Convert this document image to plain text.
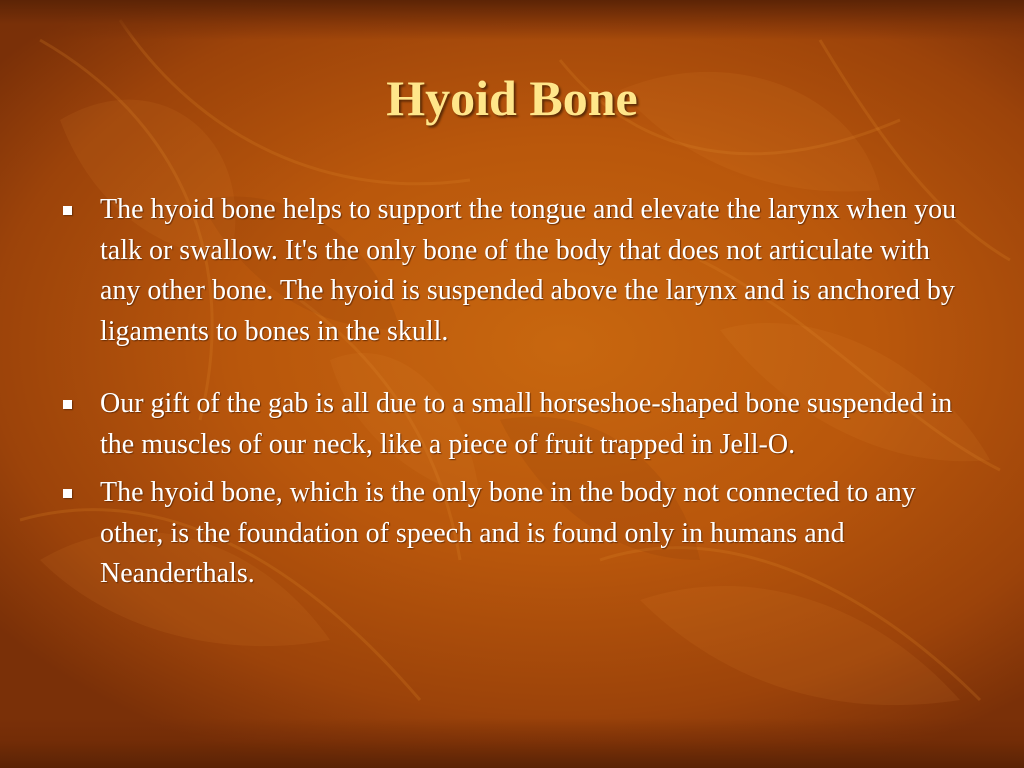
Hyoid Bone
The hyoid bone helps to support the tongue and elevate the larynx when you talk or swallow. It's the only bone of the body that does not articulate with any other bone. The hyoid is suspended above the larynx and is anchored by ligaments to bones in the skull.
Our gift of the gab is all due to a small horseshoe-shaped bone suspended in the muscles of our neck, like a piece of fruit trapped in Jell-O.
The hyoid bone, which is the only bone in the body not connected to any other, is the foundation of speech and is found only in humans and Neanderthals.
